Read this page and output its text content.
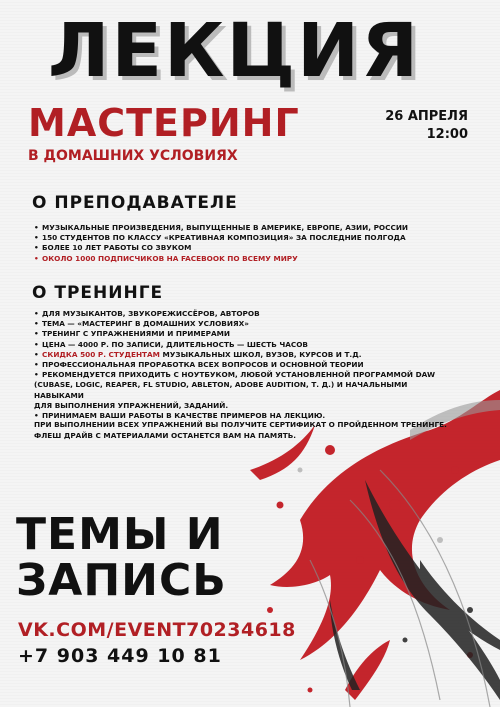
ЛЕКЦИЯ
МАСТЕРИНГ
В ДОМАШНИХ УСЛОВИЯХ
26 АПРЕЛЯ
12:00
О ПРЕПОДАВАТЕЛЕ
• МУЗЫКАЛЬНЫЕ ПРОИЗВЕДЕНИЯ, ВЫПУЩЕННЫЕ В АМЕРИКЕ, ЕВРОПЕ, АЗИИ, РОССИИ
• 150 СТУДЕНТОВ ПО КЛАССУ «КРЕАТИВНАЯ КОМПОЗИЦИЯ» ЗА ПОСЛЕДНИЕ ПОЛГОДА
• БОЛЕЕ 10 ЛЕТ РАБОТЫ СО ЗВУКОМ
• ОКОЛО 1000 ПОДПИСЧИКОВ НА FACEBOOK ПО ВСЕМУ МИРУ
О ТРЕНИНГЕ
• ДЛЯ МУЗЫКАНТОВ, ЗВУКОРЕЖИССЁРОВ, АВТОРОВ
• ТЕМА — «МАСТЕРИНГ В ДОМАШНИХ УСЛОВИЯХ»
• ТРЕНИНГ С УПРАЖНЕНИЯМИ И ПРИМЕРАМИ
• ЦЕНА — 4000 Р. ПО ЗАПИСИ, ДЛИТЕЛЬНОСТЬ — ШЕСТЬ ЧАСОВ
• СКИДКА 500 Р. СТУДЕНТАМ МУЗЫКАЛЬНЫХ ШКОЛ, ВУЗОВ, КУРСОВ И Т.Д.
• ПРОФЕССИОНАЛЬНАЯ ПРОРАБОТКА ВСЕХ ВОПРОСОВ И ОСНОВНОЙ ТЕОРИИ
• РЕКОМЕНДУЕТСЯ ПРИХОДИТЬ С НОУТБУКОМ, ЛЮБОЙ УСТАНОВЛЕННОЙ ПРОГРАММОЙ DAW
(CUBASE, LOGIC, REAPER, FL STUDIO, ABLETON, ADOBE AUDITION, Т. Д.) И НАЧАЛЬНЫМИ НАВЫКАМИ
ДЛЯ ВЫПОЛНЕНИЯ УПРАЖНЕНИЙ, ЗАДАНИЙ.
• ПРИНИМАЕМ ВАШИ РАБОТЫ В КАЧЕСТВЕ ПРИМЕРОВ НА ЛЕКЦИЮ.
ПРИ ВЫПОЛНЕНИИ ВСЕХ УПРАЖНЕНИЙ ВЫ ПОЛУЧИТЕ СЕРТИФИКАТ О ПРОЙДЕННОМ ТРЕНИНГЕ.
ФЛЕШ ДРАЙВ С МАТЕРИАЛАМИ ОСТАНЕТСЯ ВАМ НА ПАМЯТЬ.
ТЕМЫ И
ЗАПИСЬ
VK.COM/EVENT70234618
+7 903 449 10 81
